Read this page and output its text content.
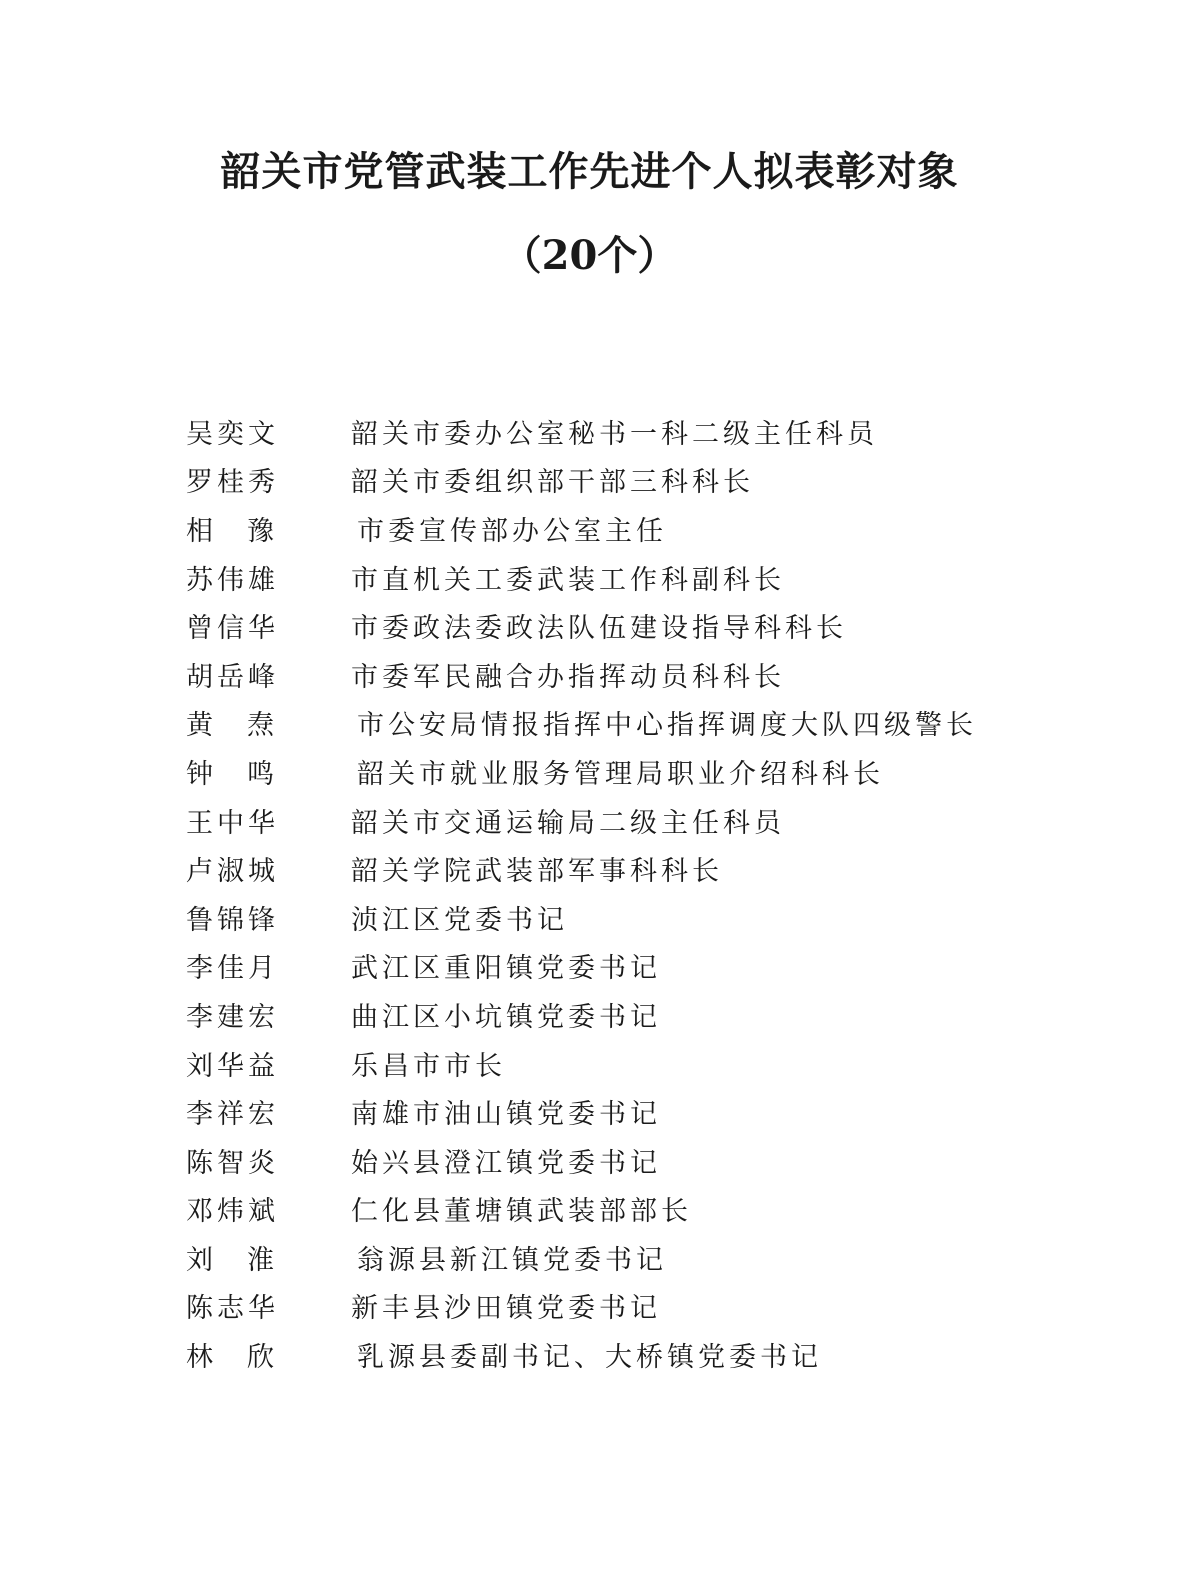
韶关市党管武装工作先进个人拟表彰对象
（20个）
吴奕文	韶关市委办公室秘书一科二级主任科员
罗桂秀	韶关市委组织部干部三科科长
相豫	市委宣传部办公室主任
苏伟雄	市直机关工委武装工作科副科长
曾信华	市委政法委政法队伍建设指导科科长
胡岳峰	市委军民融合办指挥动员科科长
黄焘	市公安局情报指挥中心指挥调度大队四级警长
钟鸣	韶关市就业服务管理局职业介绍科科长
王中华	韶关市交通运输局二级主任科员
卢淑城	韶关学院武装部军事科科长
鲁锦锋	浈江区党委书记
李佳月	武江区重阳镇党委书记
李建宏	曲江区小坑镇党委书记
刘华益	乐昌市市长
李祥宏	南雄市油山镇党委书记
陈智炎	始兴县澄江镇党委书记
邓炜斌	仁化县董塘镇武装部部长
刘淮	翁源县新江镇党委书记
陈志华	新丰县沙田镇党委书记
林欣	乳源县委副书记、大桥镇党委书记
